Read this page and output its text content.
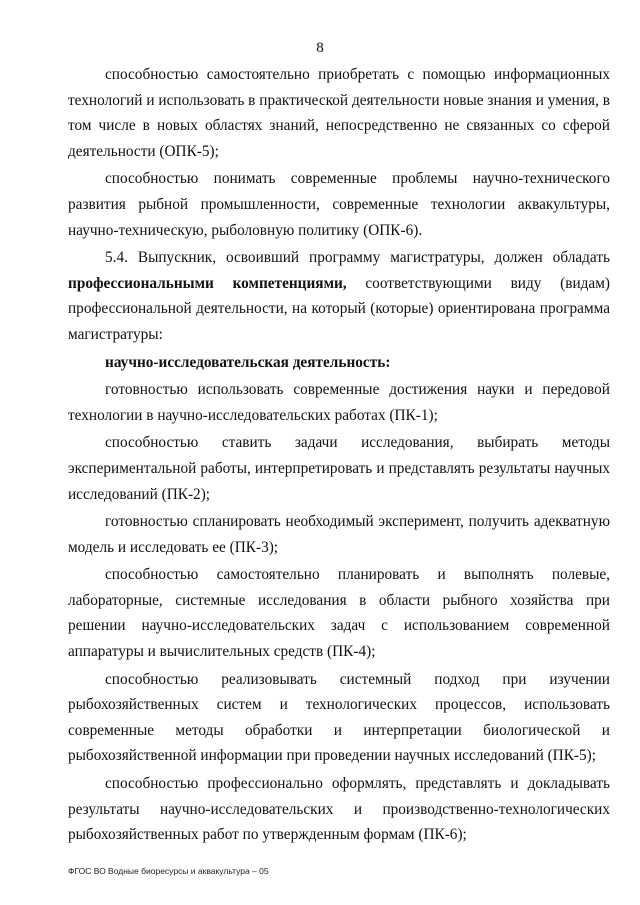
8

способностью самостоятельно приобретать с помощью информационных технологий и использовать в практической деятельности новые знания и умения, в том числе в новых областях знаний, непосредственно не связанных со сферой деятельности (ОПК-5);

способностью понимать современные проблемы научно-технического развития рыбной промышленности, современные технологии аквакультуры, научно-техническую, рыболовную политику (ОПК-6).

5.4. Выпускник, освоивший программу магистратуры, должен обладать профессиональными компетенциями, соответствующими виду (видам) профессиональной деятельности, на который (которые) ориентирована программа магистратуры:

научно-исследовательская деятельность:

готовностью использовать современные достижения науки и передовой технологии в научно-исследовательских работах (ПК-1);

способностью ставить задачи исследования, выбирать методы экспериментальной работы, интерпретировать и представлять результаты научных исследований (ПК-2);

готовностью спланировать необходимый эксперимент, получить адекватную модель и исследовать ее (ПК-3);

способностью самостоятельно планировать и выполнять полевые, лабораторные, системные исследования в области рыбного хозяйства при решении научно-исследовательских задач с использованием современной аппаратуры и вычислительных средств (ПК-4);

способностью реализовывать системный подход при изучении рыбохозяйственных систем и технологических процессов, использовать современные методы обработки и интерпретации биологической и рыбохозяйственной информации при проведении научных исследований (ПК-5);

способностью профессионально оформлять, представлять и докладывать результаты научно-исследовательских и производственно-технологических рыбохозяйственных работ по утвержденным формам (ПК-6);

ФГОС ВО Водные биоресурсы и аквакультура – 05
